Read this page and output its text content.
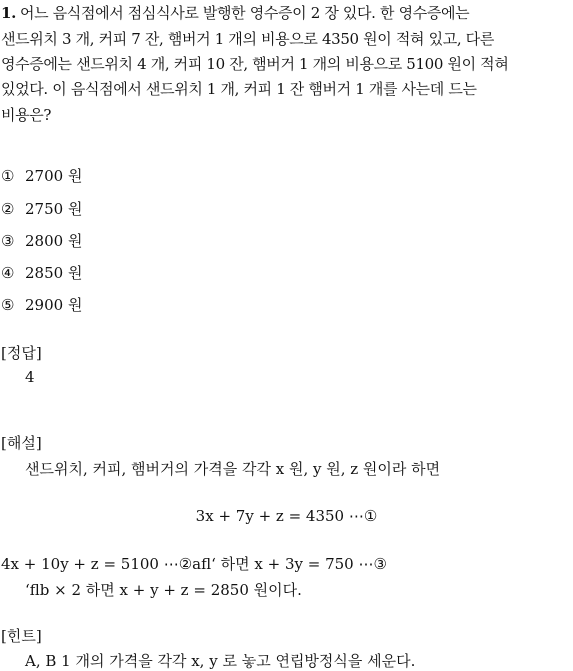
1. 어느 음식점에서 점심식사로 발행한 영수증이 2 장 있다. 한 영수증에는
샌드위치 3 개, 커피 7 잔, 햄버거 1 개의 비용으로 4350 원이 적혀 있고, 다른
영수증에는 샌드위치 4 개, 커피 10 잔, 햄버거 1 개의 비용으로 5100 원이 적혀
있었다. 이 음식점에서 샌드위치 1 개, 커피 1 잔 햄버거 1 개를 사는데 드는
비용은?
① 2700 원
② 2750 원
③ 2800 원
④ 2850 원
⑤ 2900 원
[정답]
4
[해설]
샌드위치, 커피, 햄버거의 가격을 각각 x 원, y 원, z 원이라 하면
3x + 7y + z = 4350 ⋯①
4x + 10y + z = 5100 ⋯②afl‘ 하면 x + 3y = 750 ⋯③
‘flb × 2 하면 x + y + z = 2850 원이다.
[힌트]
A, B 1 개의 가격을 각각 x, y 로 놓고 연립방정식을 세운다.
